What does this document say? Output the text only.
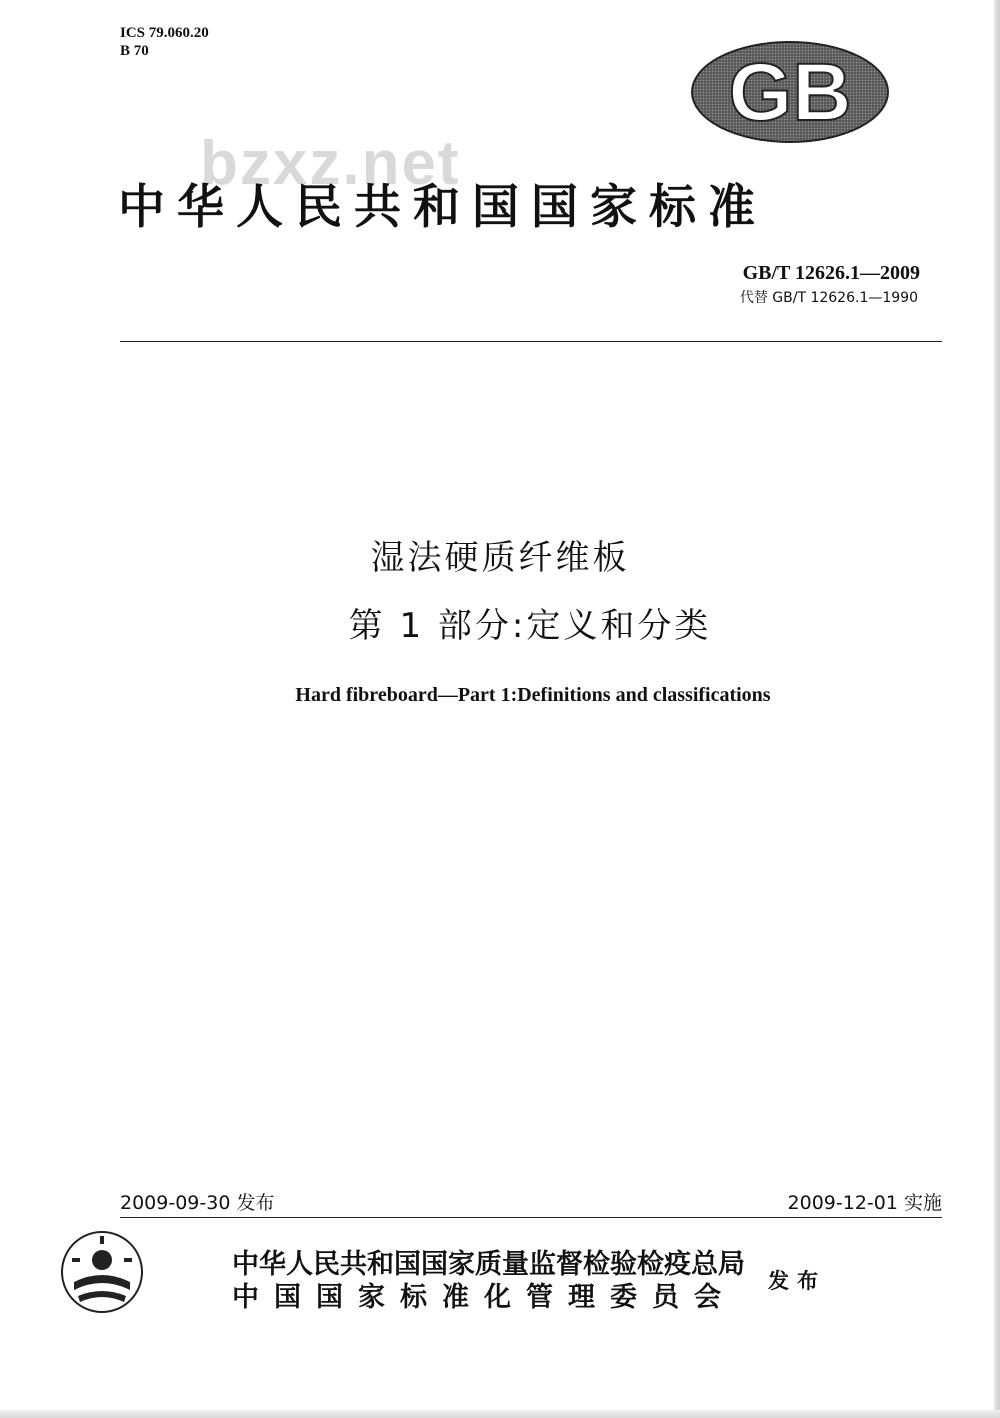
ICS 79.060.20
B 70	GB
bzxz.net
中华人民共和国国家标准
GB/T 12626.1—2009
代替 GB/T 12626.1—1990
湿法硬质纤维板
第 1 部分:定义和分类
Hard fibreboard—Part 1:Definitions and classifications
2009-09-30 发布	2009-12-01 实施
中华人民共和国国家质量监督检验检疫总局
中国国家标准化管理委员会
发布
